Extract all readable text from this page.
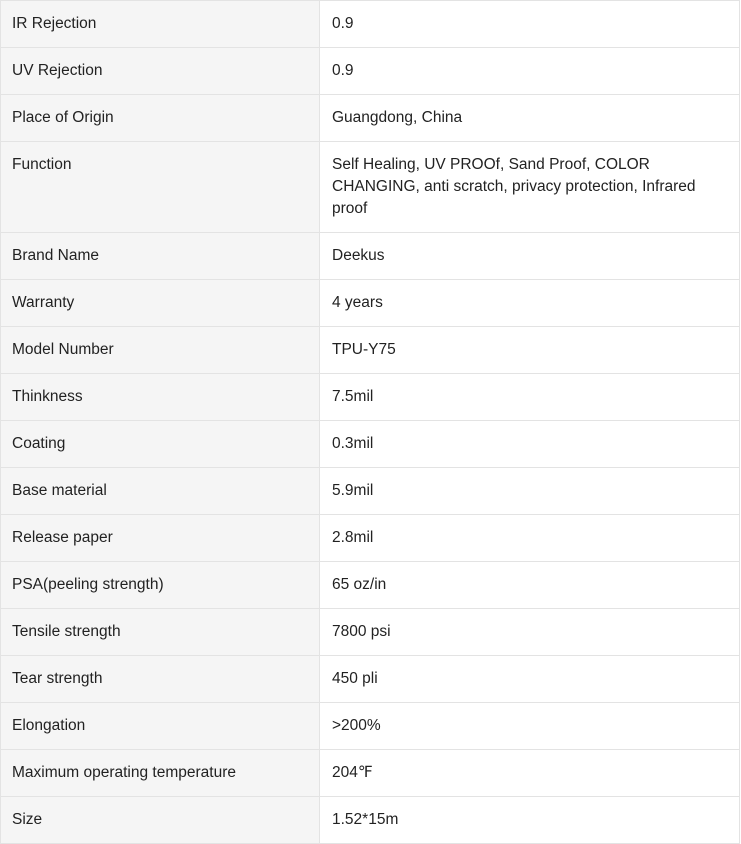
IR Rejection	0.9

UV Rejection	0.9

Place of Origin	Guangdong, China

Function	Self Healing, UV PROOf, Sand Proof, COLOR CHANGING, anti scratch, privacy protection, Infrared proof

Brand Name	Deekus

Warranty	4 years

Model Number	TPU-Y75

Thinkness	7.5mil

Coating	0.3mil

Base material	5.9mil

Release paper	2.8mil

PSA(peeling strength)	65 oz/in

Tensile strength	7800 psi

Tear strength	450 pli

Elongation	>200%

Maximum operating temperature	204℉

Size	1.52*15m
